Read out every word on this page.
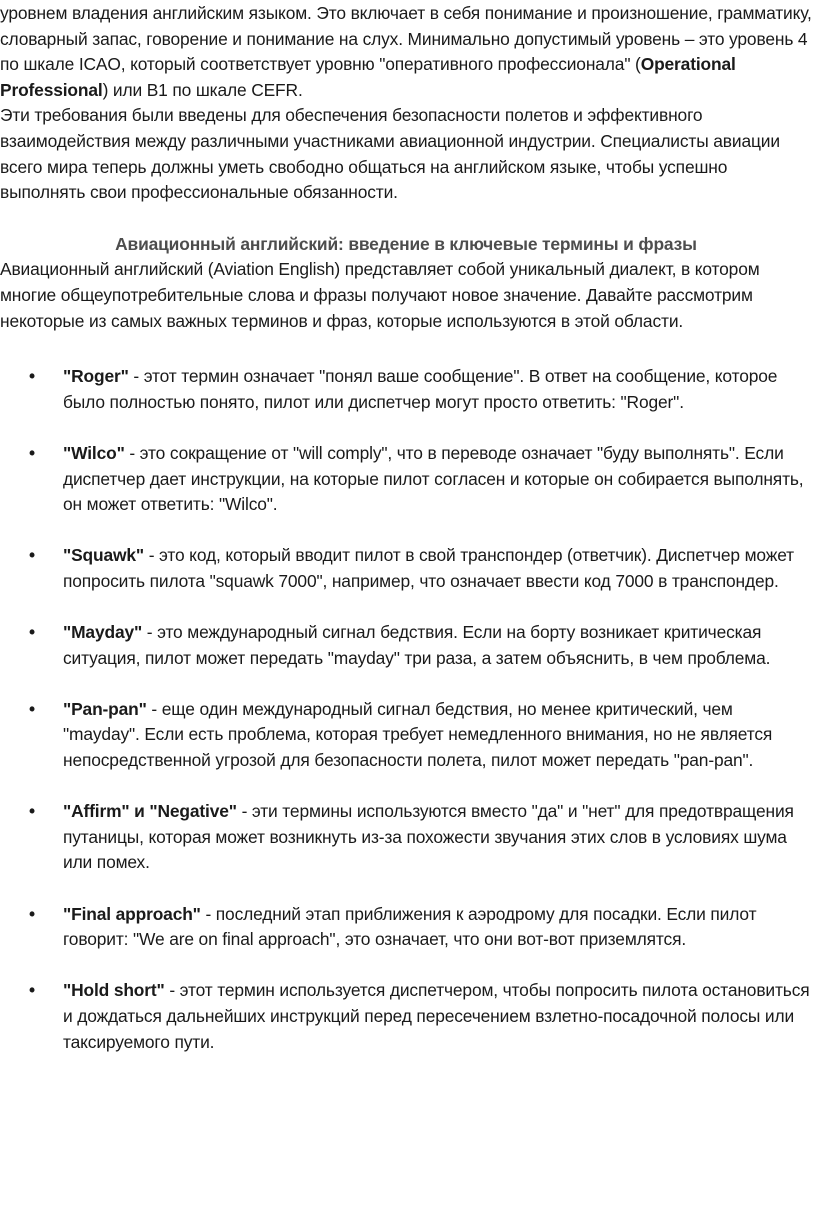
уровнем владения английским языком. Это включает в себя понимание и произношение, грамматику, словарный запас, говорение и понимание на слух. Минимально допустимый уровень – это уровень 4 по шкале ICAO, который соответствует уровню "оперативного профессионала" (Operational Professional) или B1 по шкале CEFR.

Эти требования были введены для обеспечения безопасности полетов и эффективного взаимодействия между различными участниками авиационной индустрии. Специалисты авиации всего мира теперь должны уметь свободно общаться на английском языке, чтобы успешно выполнять свои профессиональные обязанности.

Авиационный английский: введение в ключевые термины и фразы

Авиационный английский (Aviation English) представляет собой уникальный диалект, в котором многие общеупотребительные слова и фразы получают новое значение. Давайте рассмотрим некоторые из самых важных терминов и фраз, которые используются в этой области.

• "Roger" - этот термин означает "понял ваше сообщение". В ответ на сообщение, которое было полностью понято, пилот или диспетчер могут просто ответить: "Roger".
• "Wilco" - это сокращение от "will comply", что в переводе означает "буду выполнять". Если диспетчер дает инструкции, на которые пилот согласен и которые он собирается выполнять, он может ответить: "Wilco".
• "Squawk" - это код, который вводит пилот в свой транспондер (ответчик). Диспетчер может попросить пилота "squawk 7000", например, что означает ввести код 7000 в транспондер.
• "Mayday" - это международный сигнал бедствия. Если на борту возникает критическая ситуация, пилот может передать "mayday" три раза, а затем объяснить, в чем проблема.
• "Pan-pan" - еще один международный сигнал бедствия, но менее критический, чем "mayday". Если есть проблема, которая требует немедленного внимания, но не является непосредственной угрозой для безопасности полета, пилот может передать "pan-pan".
• "Affirm" и "Negative" - эти термины используются вместо "да" и "нет" для предотвращения путаницы, которая может возникнуть из-за похожести звучания этих слов в условиях шума или помех.
• "Final approach" - последний этап приближения к аэродрому для посадки. Если пилот говорит: "We are on final approach", это означает, что они вот-вот приземлятся.
• "Hold short" - этот термин используется диспетчером, чтобы попросить пилота остановиться и дождаться дальнейших инструкций перед пересечением взлетно-посадочной полосы или таксируемого пути.
